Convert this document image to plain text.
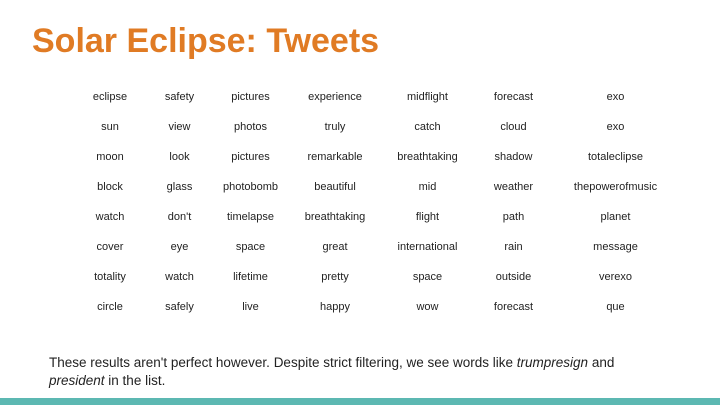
Solar Eclipse: Tweets
eclipse	safety	pictures	experience	midflight	forecast	exo
sun	view	photos	truly	catch	cloud	exo
moon	look	pictures	remarkable	breathtaking	shadow	totaleclipse
block	glass	photobomb	beautiful	mid	weather	thepowerofmusic
watch	don't	timelapse	breathtaking	flight	path	planet
cover	eye	space	great	international	rain	message
totality	watch	lifetime	pretty	space	outside	verexo
circle	safely	live	happy	wow	forecast	que

These results aren't perfect however. Despite strict filtering, we see words like trumpresign and president in the list.
